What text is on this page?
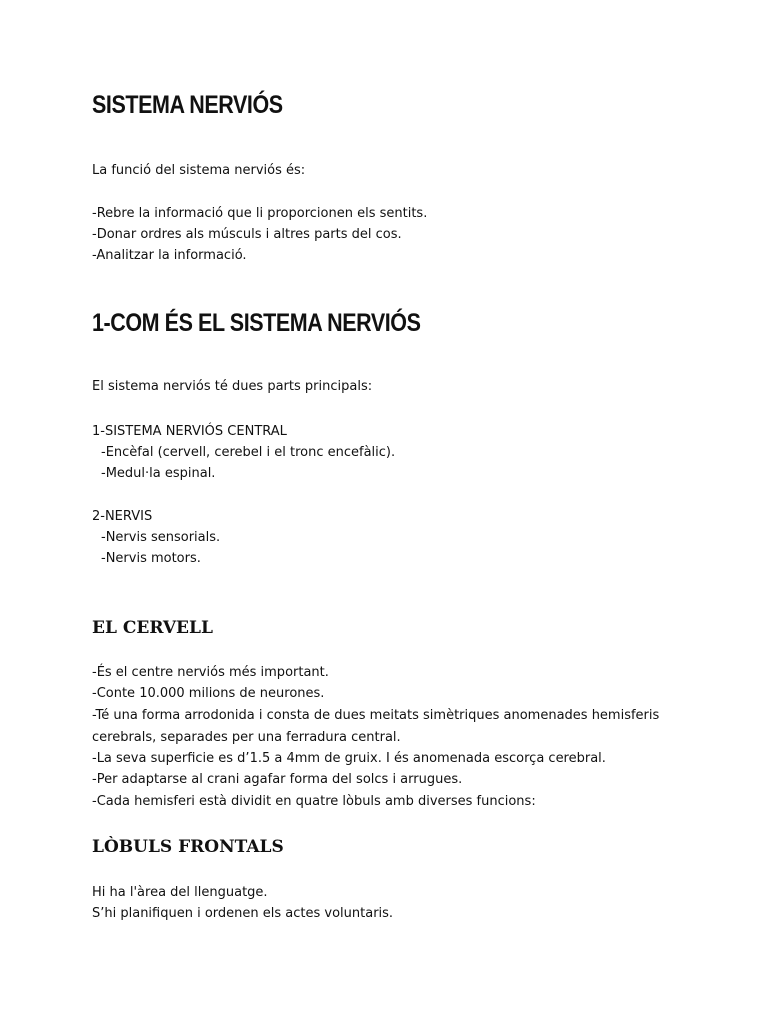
SISTEMA NERVIÓS

La funció del sistema nerviós és:

-Rebre la informació que li proporcionen els sentits.

-Donar ordres als músculs i altres parts del cos.

-Analitzar la informació.

1-COM ÉS EL SISTEMA NERVIÓS

El sistema nerviós té dues parts principals:

1-SISTEMA NERVIÓS CENTRAL

-Encèfal (cervell, cerebel i el tronc encefàlic).

-Medul·la espinal.

2-NERVIS

-Nervis sensorials.

-Nervis motors.

EL CERVELL

-És el centre nerviós més important.

-Conte 10.000 milions de neurones.

-Té una forma arrodonida i consta de dues meitats simètriques anomenades hemisferis

cerebrals, separades per una ferradura central.

-La seva superficie es d’1.5 a 4mm de gruix. I és anomenada escorça cerebral.

-Per adaptarse al crani agafar forma del solcs i arrugues.

-Cada hemisferi està dividit en quatre lòbuls amb diverses funcions:

LÒBULS FRONTALS

Hi ha l'àrea del llenguatge.

S’hi planifiquen i ordenen els actes voluntaris.
